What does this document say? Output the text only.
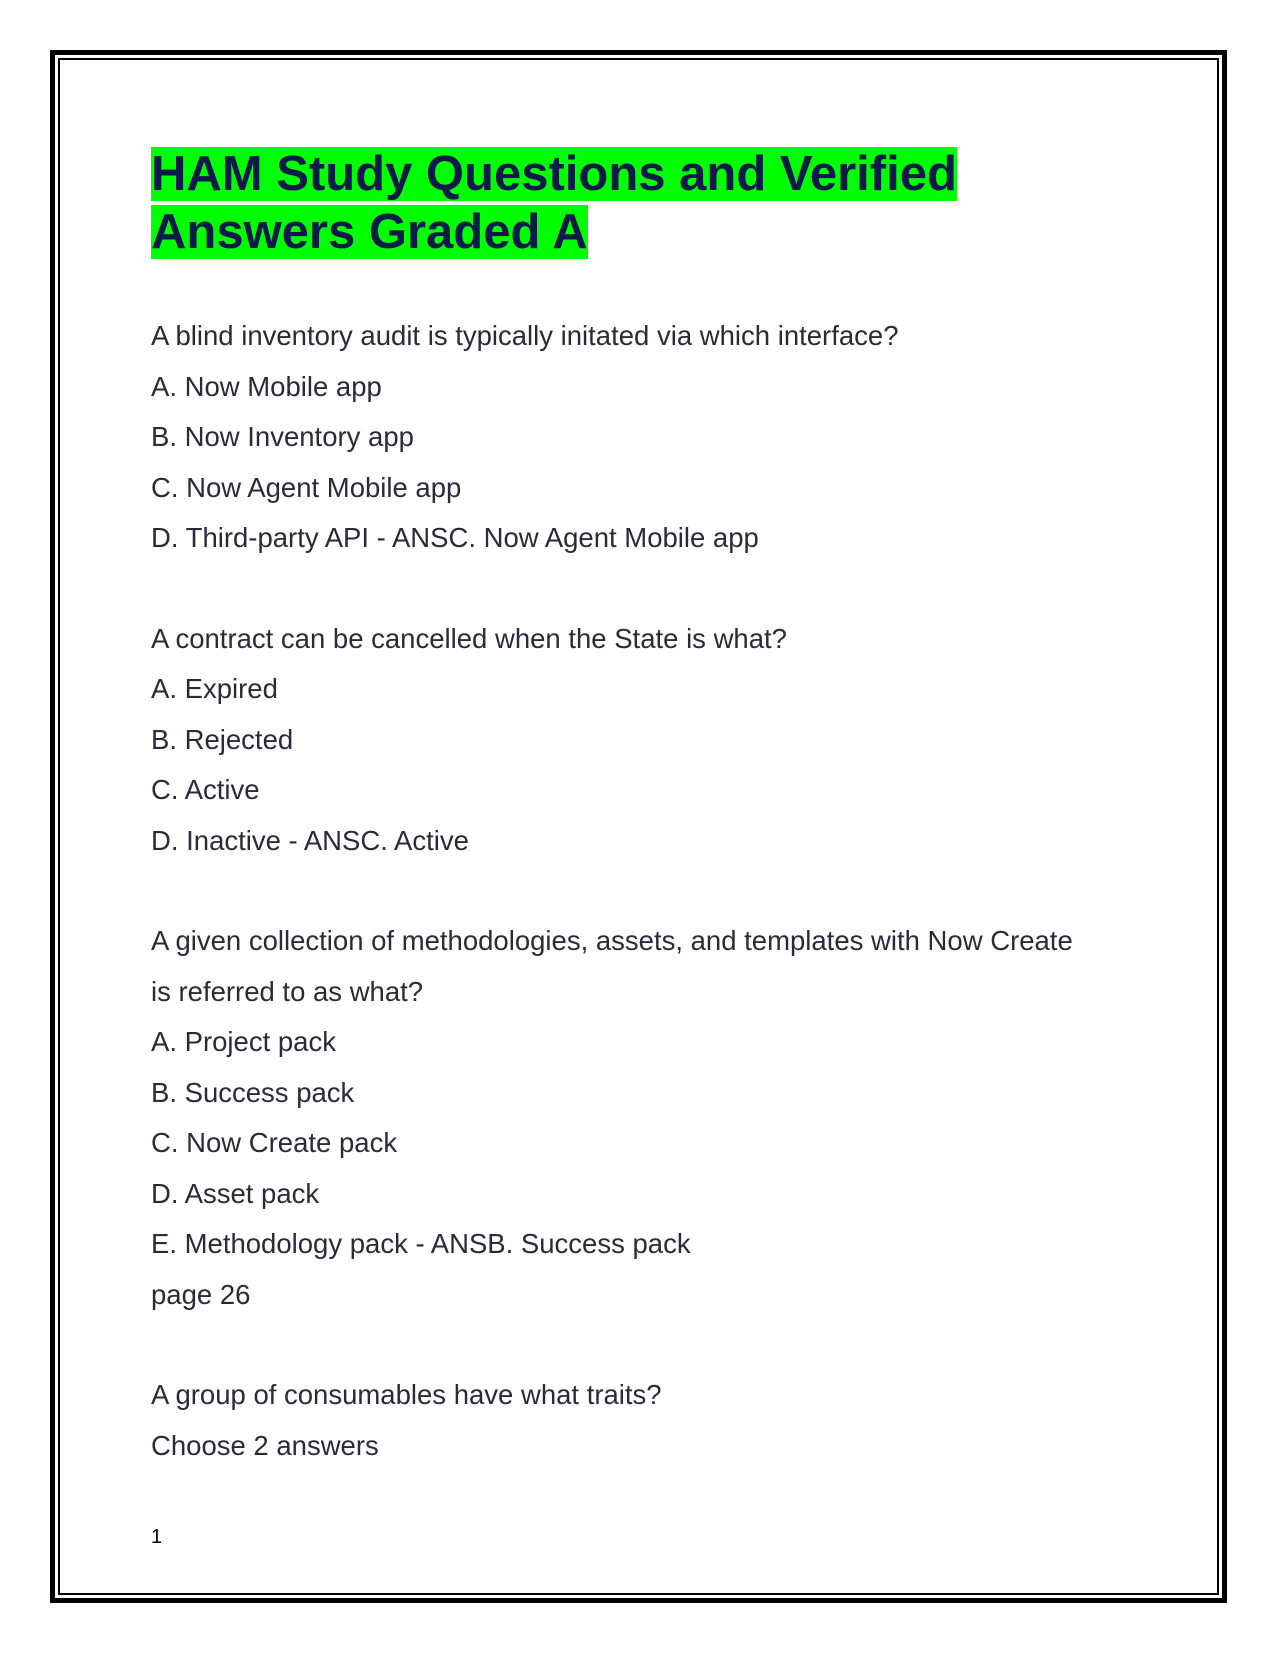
HAM Study Questions and Verified
Answers Graded A
A blind inventory audit is typically initated via which interface?
A. Now Mobile app
B. Now Inventory app
C. Now Agent Mobile app
D. Third-party API - ANSC. Now Agent Mobile app
A contract can be cancelled when the State is what?
A. Expired
B. Rejected
C. Active
D. Inactive - ANSC. Active
A given collection of methodologies, assets, and templates with Now Create is referred to as what?
A. Project pack
B. Success pack
C. Now Create pack
D. Asset pack
E. Methodology pack - ANSB. Success pack
page 26
A group of consumables have what traits?
Choose 2 answers
1
